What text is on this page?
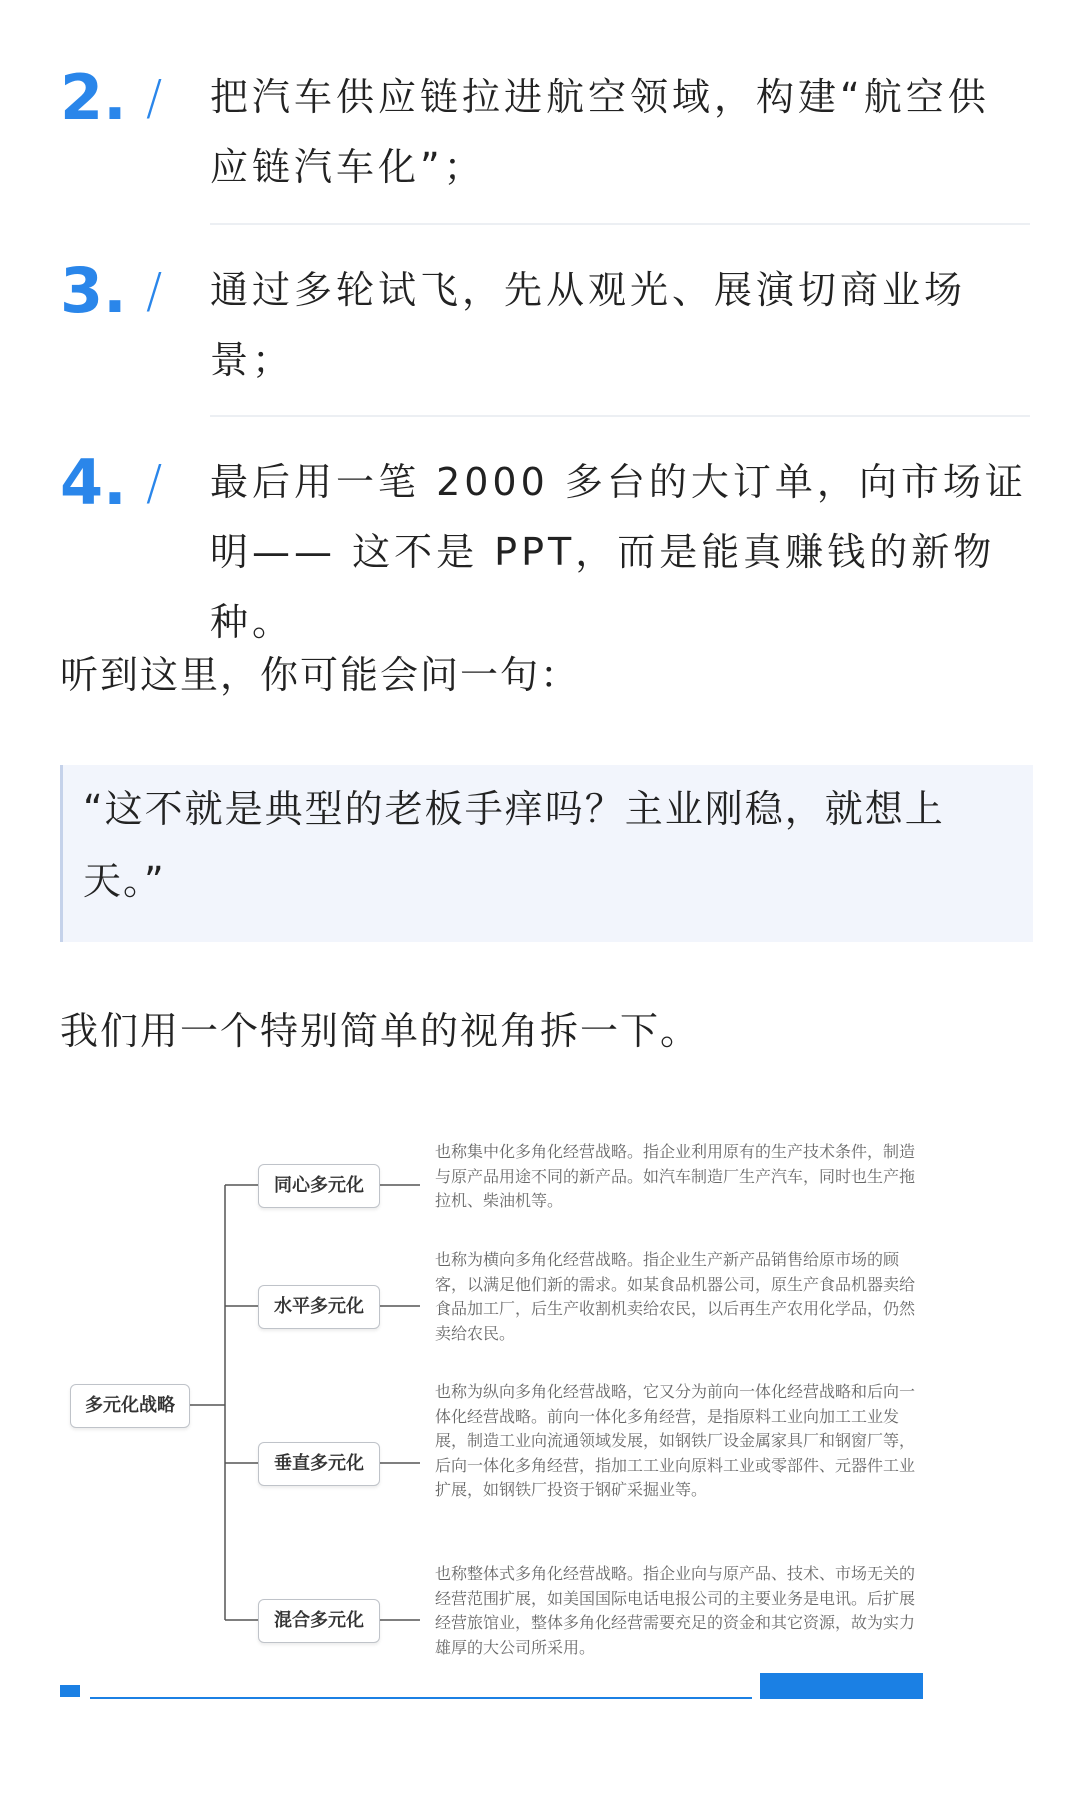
2. / 把汽车供应链拉进航空领域，构建“航空供应链汽车化”；
3. / 通过多轮试飞，先从观光、展演切商业场景；
4. / 最后用一笔 2000 多台的大订单，向市场证明—— 这不是 PPT，而是能真赚钱的新物种。
听到这里，你可能会问一句：
“这不就是典型的老板手痒吗？主业刚稳，就想上天。”
我们用一个特别简单的视角拆一下。
多元化战略
同心多元化
水平多元化
垂直多元化
混合多元化
也称集中化多角化经营战略。指企业利用原有的生产技术条件，制造与原产品用途不同的新产品。如汽车制造厂生产汽车，同时也生产拖拉机、柴油机等。
也称为横向多角化经营战略。指企业生产新产品销售给原市场的顾客，以满足他们新的需求。如某食品机器公司，原生产食品机器卖给食品加工厂，后生产收割机卖给农民，以后再生产农用化学品，仍然卖给农民。
也称为纵向多角化经营战略，它又分为前向一体化经营战略和后向一体化经营战略。前向一体化多角经营，是指原料工业向加工工业发展，制造工业向流通领域发展，如钢铁厂设金属家具厂和钢窗厂等，后向一体化多角经营，指加工工业向原料工业或零部件、元器件工业扩展，如钢铁厂投资于钢矿采掘业等。
也称整体式多角化经营战略。指企业向与原产品、技术、市场无关的经营范围扩展，如美国国际电话电报公司的主要业务是电讯。后扩展经营旅馆业，整体多角化经营需要充足的资金和其它资源，故为实力雄厚的大公司所采用。
